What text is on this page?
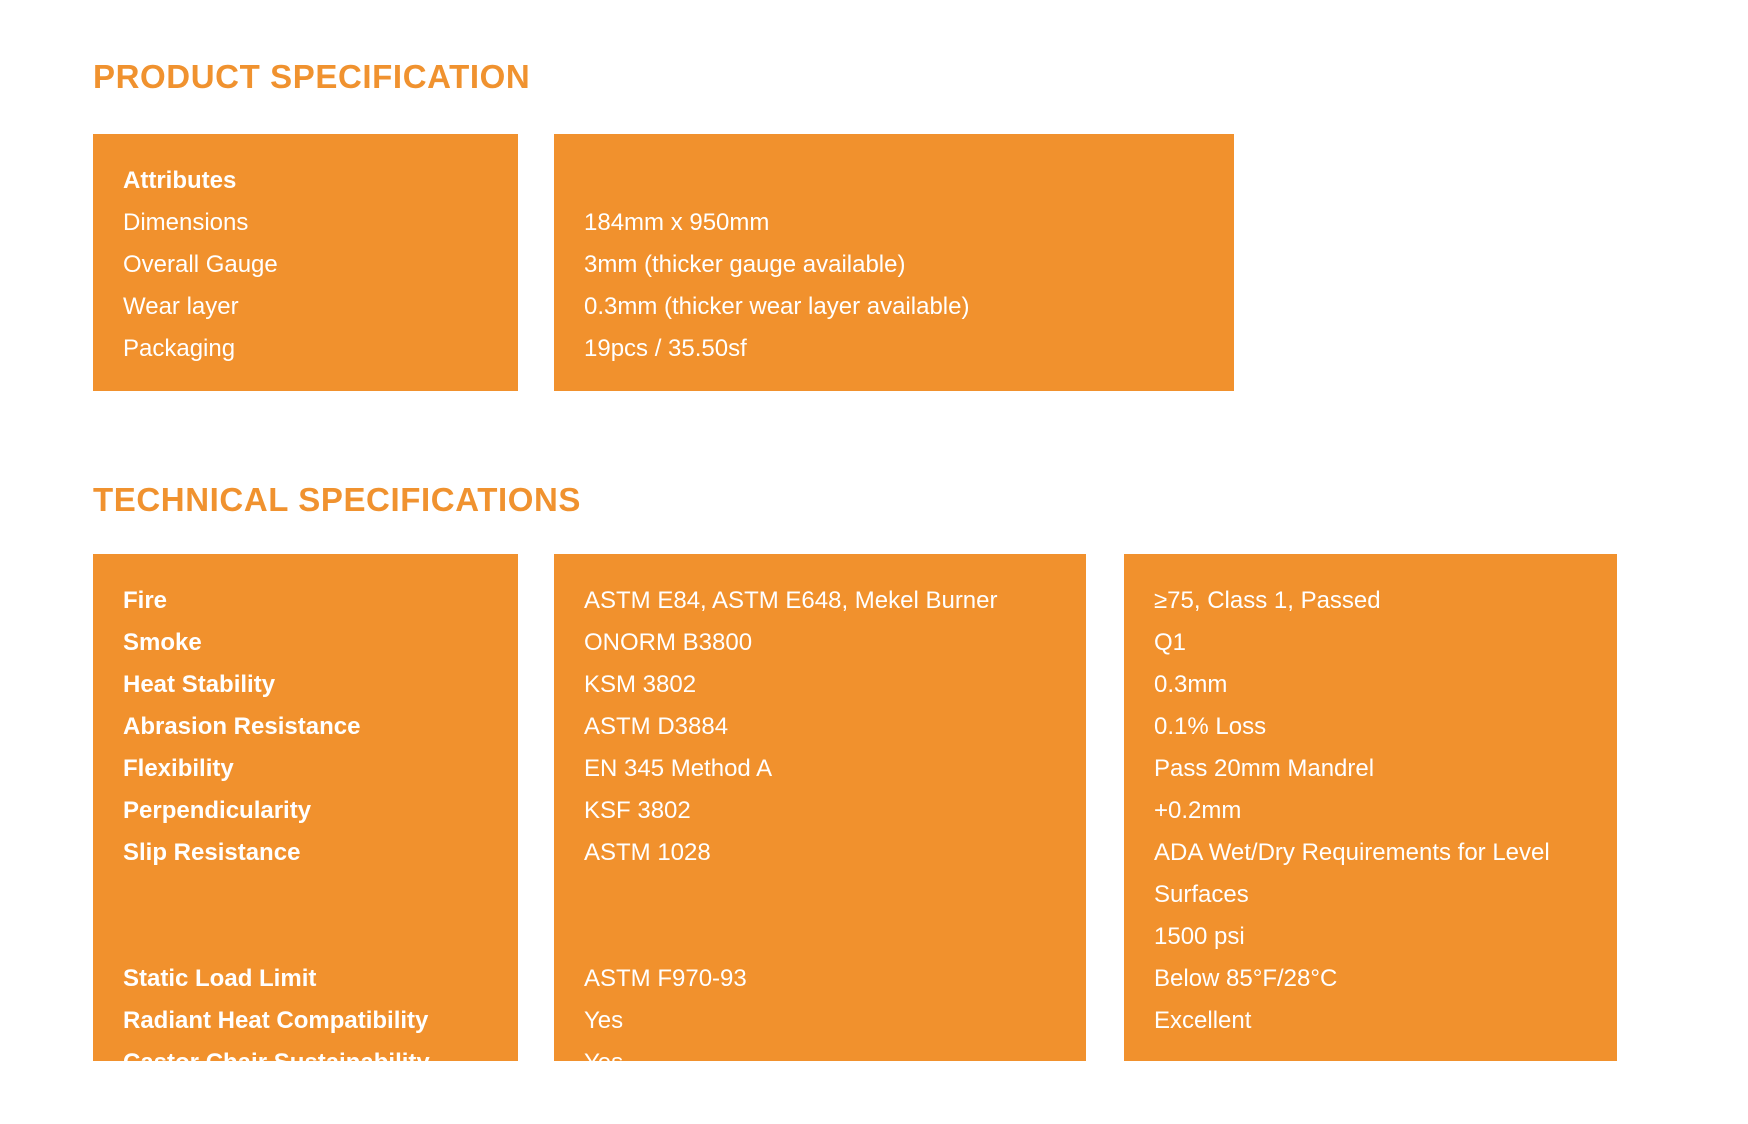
PRODUCT SPECIFICATION
Attributes
Dimensions
Overall Gauge
Wear layer
Packaging
184mm x 950mm
3mm (thicker gauge available)
0.3mm (thicker wear layer available)
19pcs / 35.50sf
TECHNICAL SPECIFICATIONS
Fire
Smoke
Heat Stability
Abrasion Resistance
Flexibility
Perpendicularity
Slip Resistance
Static Load Limit
Radiant Heat Compatibility
Castor Chair Sustainability
ASTM E84, ASTM E648, Mekel Burner
ONORM B3800
KSM 3802
ASTM D3884
EN 345 Method A
KSF 3802
ASTM 1028
ASTM F970-93
Yes
Yes
≥75, Class 1, Passed
Q1
0.3mm
0.1% Loss
Pass 20mm Mandrel
+0.2mm
ADA Wet/Dry Requirements for Level Surfaces
1500 psi
Below 85°F/28°C
Excellent
